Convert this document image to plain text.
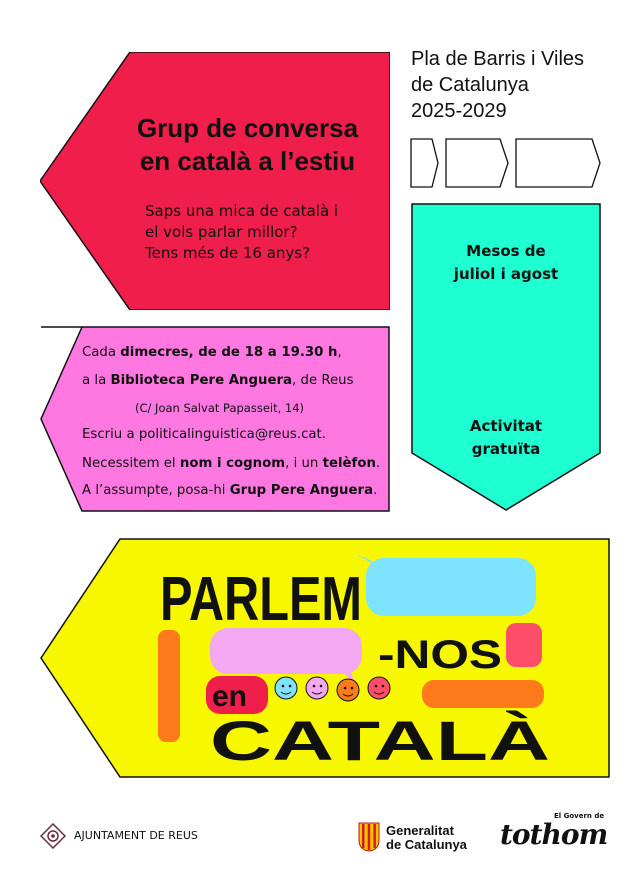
Grup de conversa
en català a l’estiu
Saps una mica de català i
el vols parlar millor?
Tens més de 16 anys?
Pla de Barris i Viles
de Catalunya
2025-2029
Mesos de
juliol i agost
Activitat
gratuïta
Cada dimecres, de de 18 a 19.30 h,
a la Biblioteca Pere Anguera, de Reus
(C/ Joan Salvat Papasseit, 14)
Escriu a politicalinguistica@reus.cat.
Necessitem el nom i cognom, i un telèfon.
A l’assumpte, posa-hi Grup Pere Anguera.
PARLEM
-NOS
en
CATALÀ
AJUNTAMENT DE REUS	Generalitat
de Catalunya
El Govern de
tothom
